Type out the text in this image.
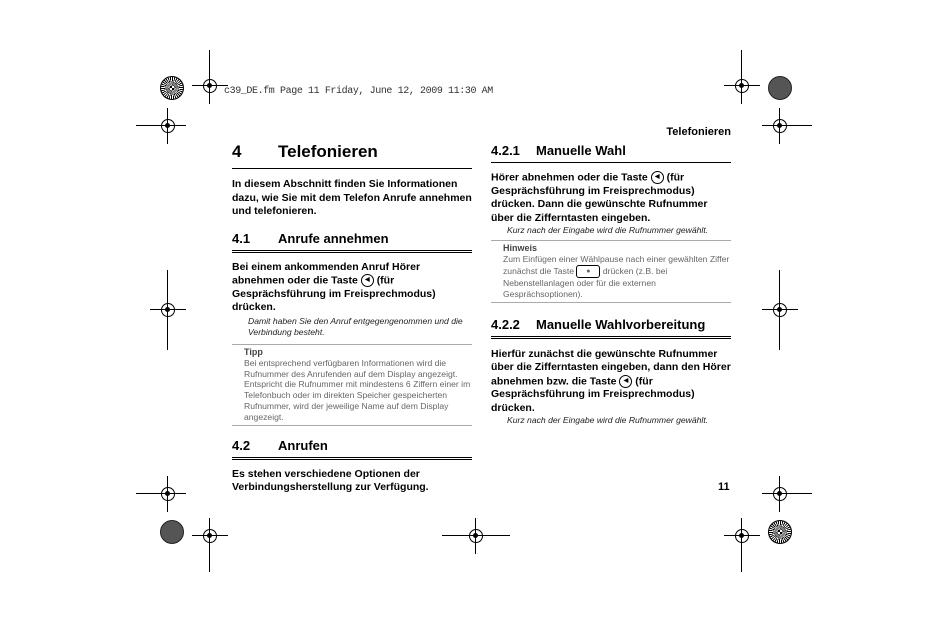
c39_DE.fm Page 11 Friday, June 12, 2009 11:30 AM
Telefonieren
11
4	Telefonieren
In diesem Abschnitt finden Sie Informationen dazu, wie Sie mit dem Telefon Anrufe annehmen und telefonieren.
4.1	Anrufe annehmen
Bei einem ankommenden Anruf Hörer abnehmen oder die Taste ◀ (für Gesprächsführung im Freisprechmodus) drücken.
Damit haben Sie den Anruf entgegengenommen und die Verbindung besteht.
Tipp
Bei entsprechend verfügbaren Informationen wird die Rufnummer des Anrufenden auf dem Display angezeigt. Entspricht die Rufnummer mit mindestens 6 Ziffern einer im Telefonbuch oder im direkten Speicher gespeicherten Rufnummer, wird der jeweilige Name auf dem Display angezeigt.
4.2	Anrufen
Es stehen verschiedene Optionen der Verbindungsherstellung zur Verfügung.
4.2.1	Manuelle Wahl
Hörer abnehmen oder die Taste ◀ (für Gesprächsführung im Freisprechmodus) drücken. Dann die gewünschte Rufnummer über die Zifferntasten eingeben.
Kurz nach der Eingabe wird die Rufnummer gewählt.
Hinweis
Zum Einfügen einer Wählpause nach einer gewählten Ziffer zunächst die Taste ● drücken (z.B. bei Nebenstellanlagen oder für die externen Gesprächsoptionen).
4.2.2	Manuelle Wahlvorbereitung
Hierfür zunächst die gewünschte Rufnummer über die Zifferntasten eingeben, dann den Hörer abnehmen bzw. die Taste ◀ (für Gesprächsführung im Freisprechmodus) drücken.
Kurz nach der Eingabe wird die Rufnummer gewählt.
